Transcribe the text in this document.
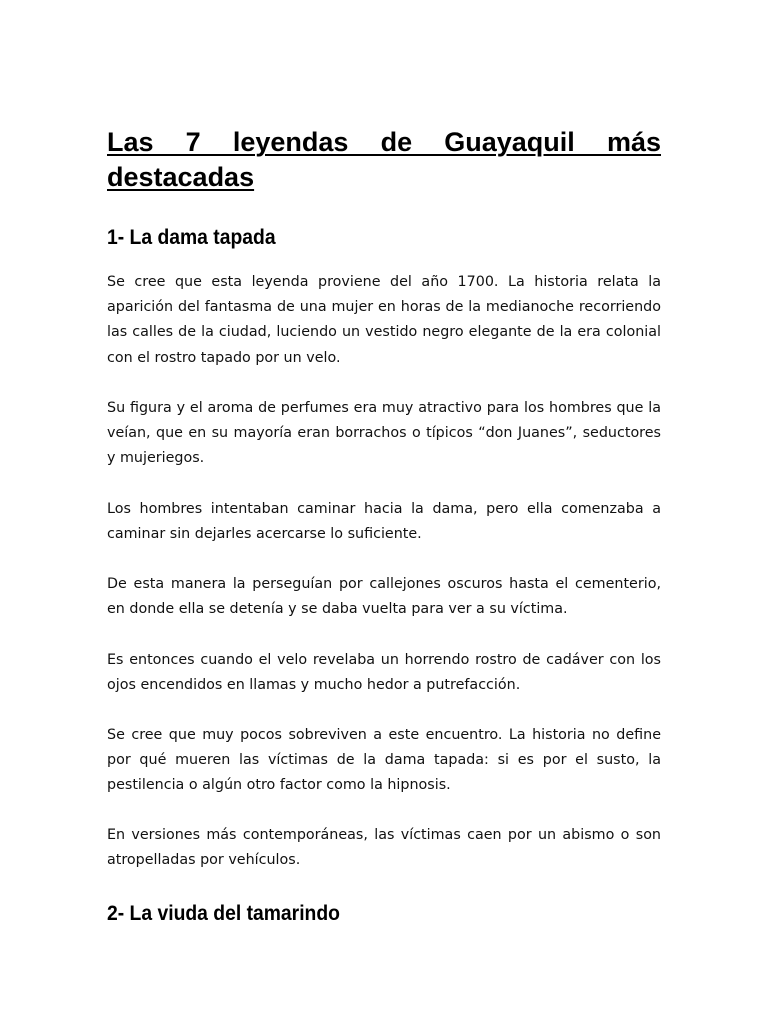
Las 7 leyendas de Guayaquil más destacadas
1- La dama tapada

Se cree que esta leyenda proviene del año 1700. La historia relata la aparición del fantasma de una mujer en horas de la medianoche recorriendo las calles de la ciudad, luciendo un vestido negro elegante de la era colonial con el rostro tapado por un velo.

Su figura y el aroma de perfumes era muy atractivo para los hombres que la veían, que en su mayoría eran borrachos o típicos “don Juanes”, seductores y mujeriegos.

Los hombres intentaban caminar hacia la dama, pero ella comenzaba a caminar sin dejarles acercarse lo suficiente.

De esta manera la perseguían por callejones oscuros hasta el cementerio, en donde ella se detenía y se daba vuelta para ver a su víctima.

Es entonces cuando el velo revelaba un horrendo rostro de cadáver con los ojos encendidos en llamas y mucho hedor a putrefacción.

Se cree que muy pocos sobreviven a este encuentro. La historia no define por qué mueren las víctimas de la dama tapada: si es por el susto, la pestilencia o algún otro factor como la hipnosis.

En versiones más contemporáneas, las víctimas caen por un abismo o son atropelladas por vehículos.

2- La viuda del tamarindo
